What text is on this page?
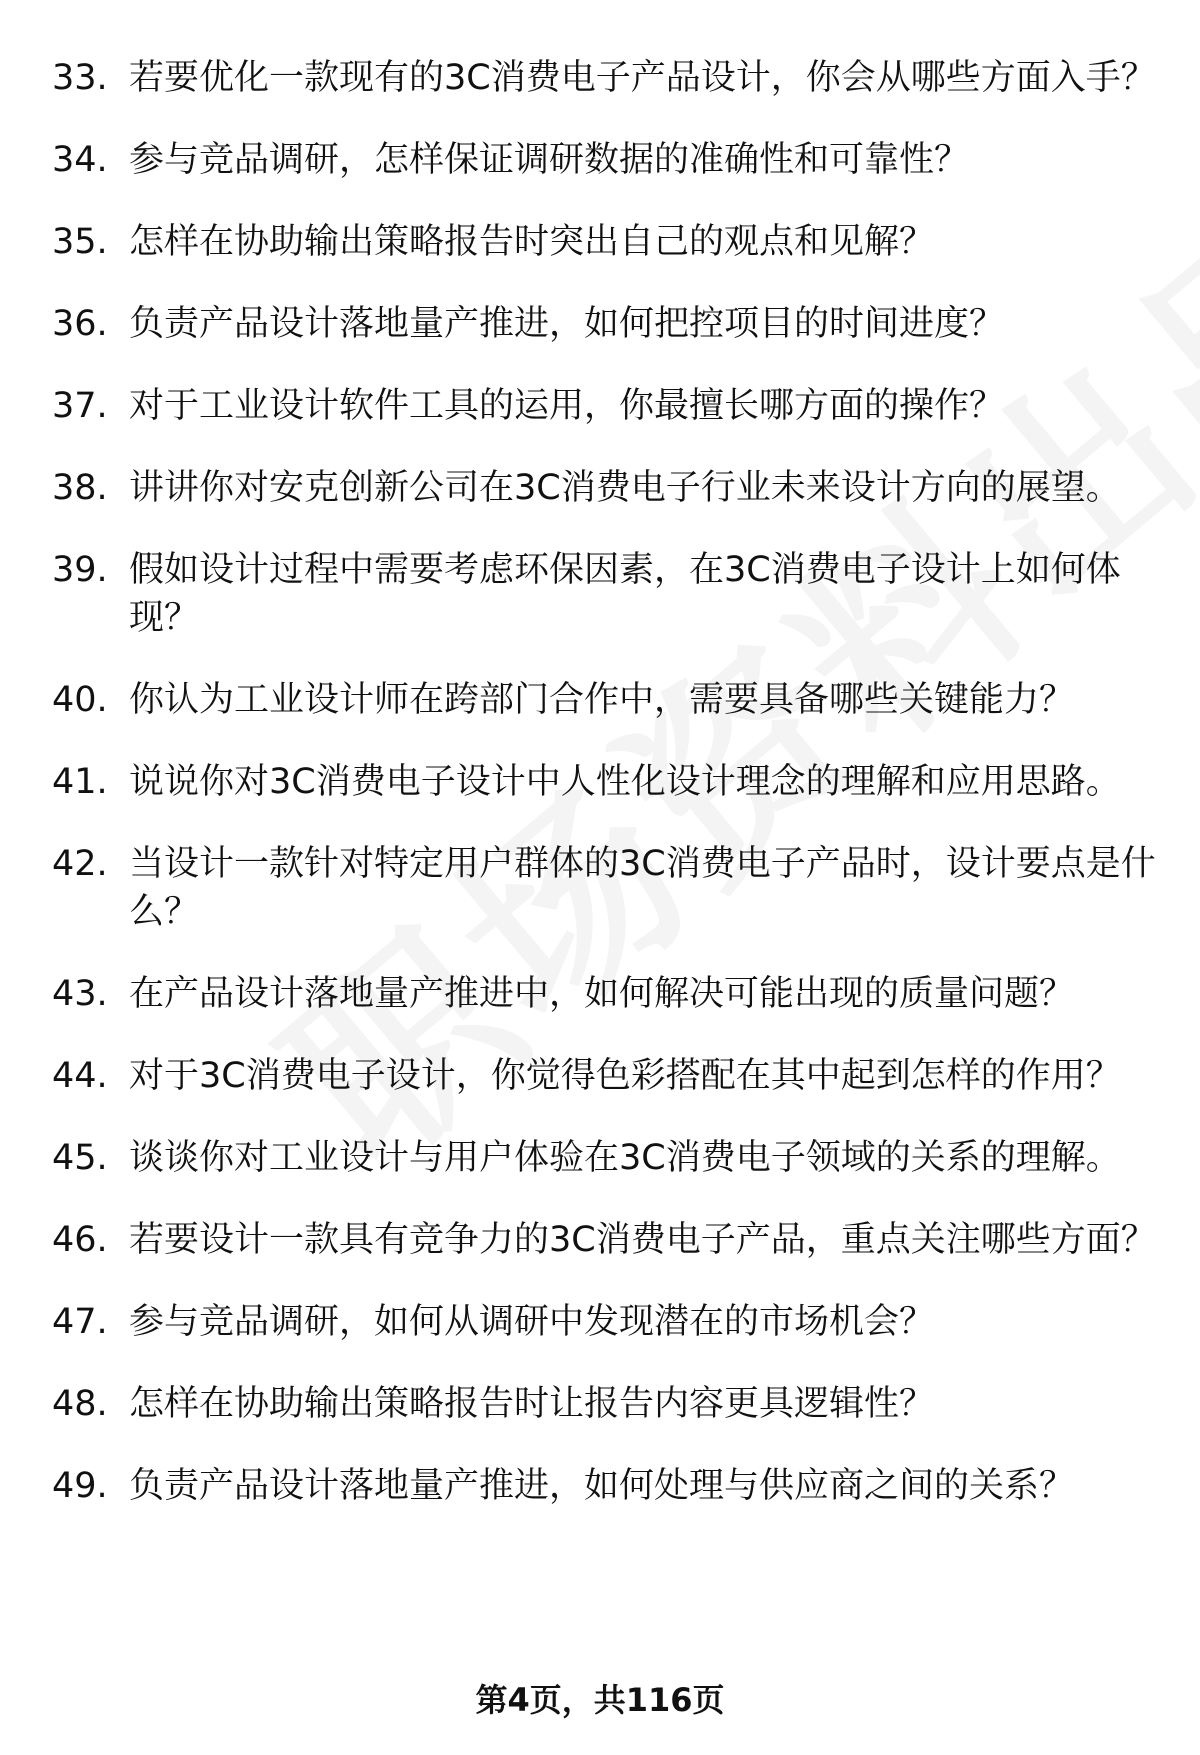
33. 若要优化一款现有的3C消费电子产品设计，你会从哪些方面入手？
34. 参与竞品调研，怎样保证调研数据的准确性和可靠性？
35. 怎样在协助输出策略报告时突出自己的观点和见解？
36. 负责产品设计落地量产推进，如何把控项目的时间进度？
37. 对于工业设计软件工具的运用，你最擅长哪方面的操作？
38. 讲讲你对安克创新公司在3C消费电子行业未来设计方向的展望。
39. 假如设计过程中需要考虑环保因素，在3C消费电子设计上如何体现？
40. 你认为工业设计师在跨部门合作中，需要具备哪些关键能力？
41. 说说你对3C消费电子设计中人性化设计理念的理解和应用思路。
42. 当设计一款针对特定用户群体的3C消费电子产品时，设计要点是什么？
43. 在产品设计落地量产推进中，如何解决可能出现的质量问题？
44. 对于3C消费电子设计，你觉得色彩搭配在其中起到怎样的作用？
45. 谈谈你对工业设计与用户体验在3C消费电子领域的关系的理解。
46. 若要设计一款具有竞争力的3C消费电子产品，重点关注哪些方面？
47. 参与竞品调研，如何从调研中发现潜在的市场机会？
48. 怎样在协助输出策略报告时让报告内容更具逻辑性？
49. 负责产品设计落地量产推进，如何处理与供应商之间的关系？
第4页，共116页
